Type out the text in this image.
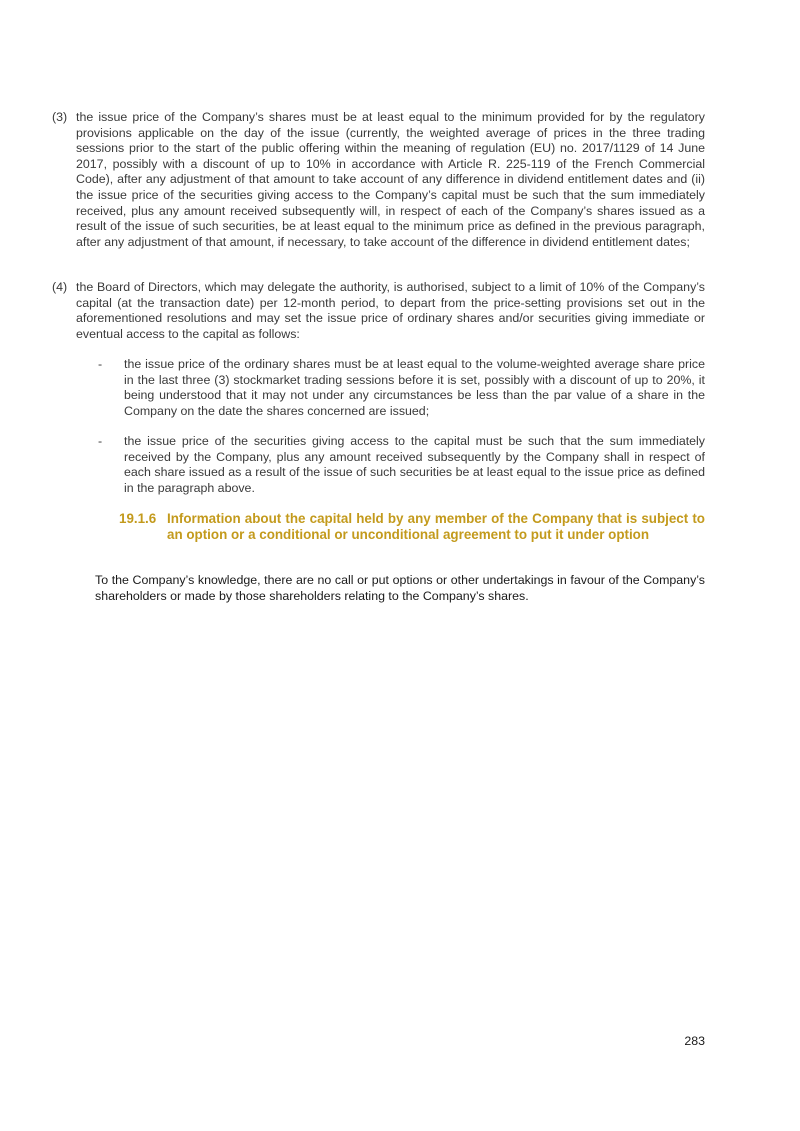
(3) the issue price of the Company’s shares must be at least equal to the minimum provided for by the regulatory provisions applicable on the day of the issue (currently, the weighted average of prices in the three trading sessions prior to the start of the public offering within the meaning of regulation (EU) no. 2017/1129 of 14 June 2017, possibly with a discount of up to 10% in accordance with Article R. 225-119 of the French Commercial Code), after any adjustment of that amount to take account of any difference in dividend entitlement dates and (ii) the issue price of the securities giving access to the Company’s capital must be such that the sum immediately received, plus any amount received subsequently will, in respect of each of the Company’s shares issued as a result of the issue of such securities, be at least equal to the minimum price as defined in the previous paragraph, after any adjustment of that amount, if necessary, to take account of the difference in dividend entitlement dates;
(4) the Board of Directors, which may delegate the authority, is authorised, subject to a limit of 10% of the Company’s capital (at the transaction date) per 12-month period, to depart from the price-setting provisions set out in the aforementioned resolutions and may set the issue price of ordinary shares and/or securities giving immediate or eventual access to the capital as follows:
-	the issue price of the ordinary shares must be at least equal to the volume-weighted average share price in the last three (3) stockmarket trading sessions before it is set, possibly with a discount of up to 20%, it being understood that it may not under any circumstances be less than the par value of a share in the Company on the date the shares concerned are issued;
-	the issue price of the securities giving access to the capital must be such that the sum immediately received by the Company, plus any amount received subsequently by the Company shall in respect of each share issued as a result of the issue of such securities be at least equal to the issue price as defined in the paragraph above.
19.1.6 Information about the capital held by any member of the Company that is subject to an option or a conditional or unconditional agreement to put it under option
To the Company’s knowledge, there are no call or put options or other undertakings in favour of the Company’s shareholders or made by those shareholders relating to the Company’s shares.
283
